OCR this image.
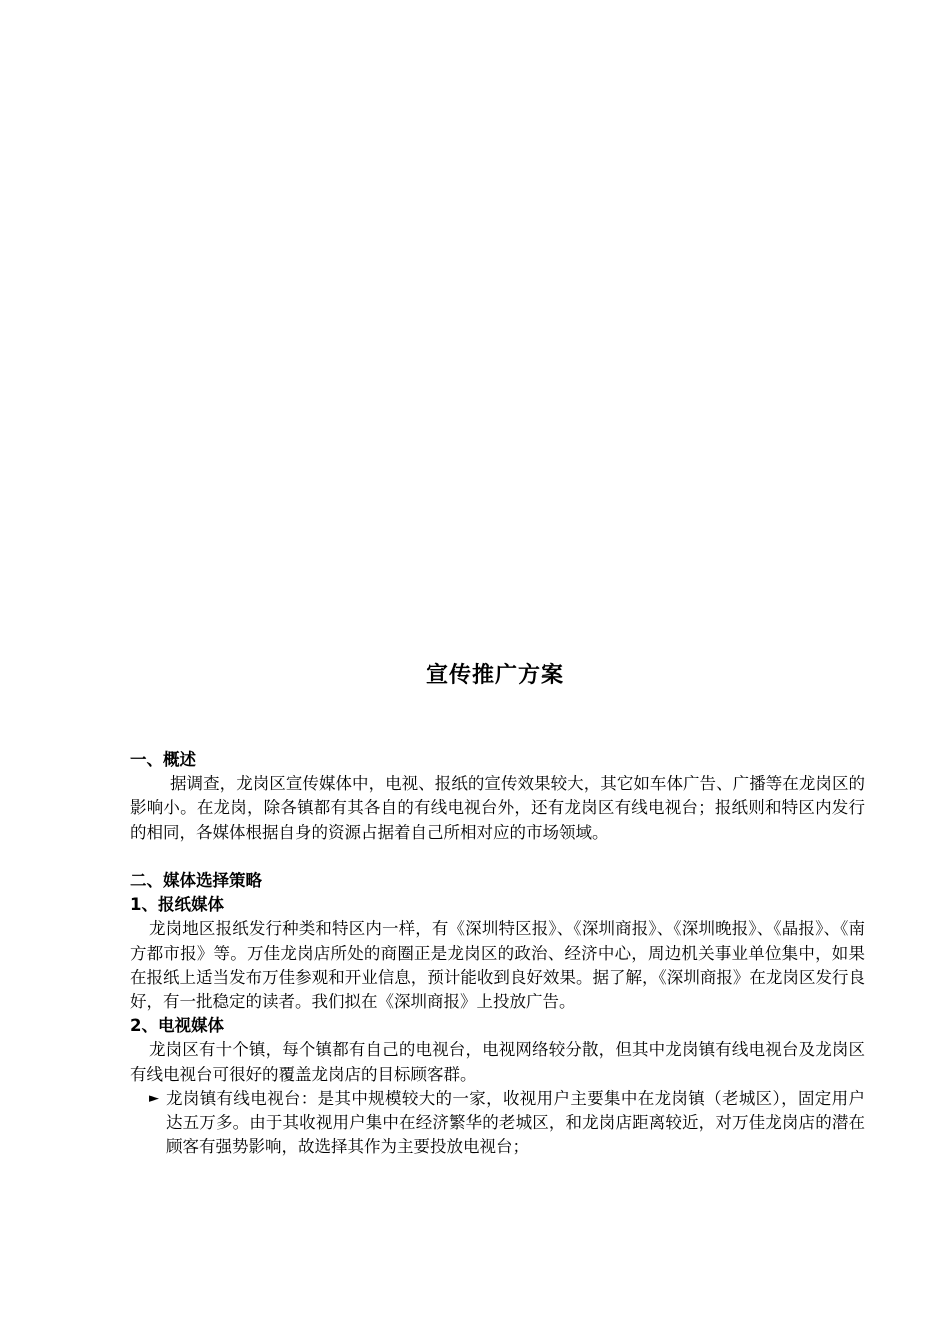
宣传推广方案
一、概述

据调查，龙岗区宣传媒体中，电视、报纸的宣传效果较大，其它如车体广告、广播等在龙岗区的影响小。在龙岗，除各镇都有其各自的有线电视台外，还有龙岗区有线电视台；报纸则和特区内发行的相同，各媒体根据自身的资源占据着自己所相对应的市场领域。

二、媒体选择策略
1、报纸媒体

龙岗地区报纸发行种类和特区内一样，有《深圳特区报》、《深圳商报》、《深圳晚报》、《晶报》、《南方都市报》等。万佳龙岗店所处的商圈正是龙岗区的政治、经济中心，周边机关事业单位集中，如果在报纸上适当发布万佳参观和开业信息，预计能收到良好效果。据了解，《深圳商报》在龙岗区发行良好，有一批稳定的读者。我们拟在《深圳商报》上投放广告。

2、电视媒体

龙岗区有十个镇，每个镇都有自己的电视台，电视网络较分散，但其中龙岗镇有线电视台及龙岗区有线电视台可很好的覆盖龙岗店的目标顾客群。

► 龙岗镇有线电视台：是其中规模较大的一家，收视用户主要集中在龙岗镇（老城区），固定用户达五万多。由于其收视用户集中在经济繁华的老城区，和龙岗店距离较近，对万佳龙岗店的潜在顾客有强势影响，故选择其作为主要投放电视台；
